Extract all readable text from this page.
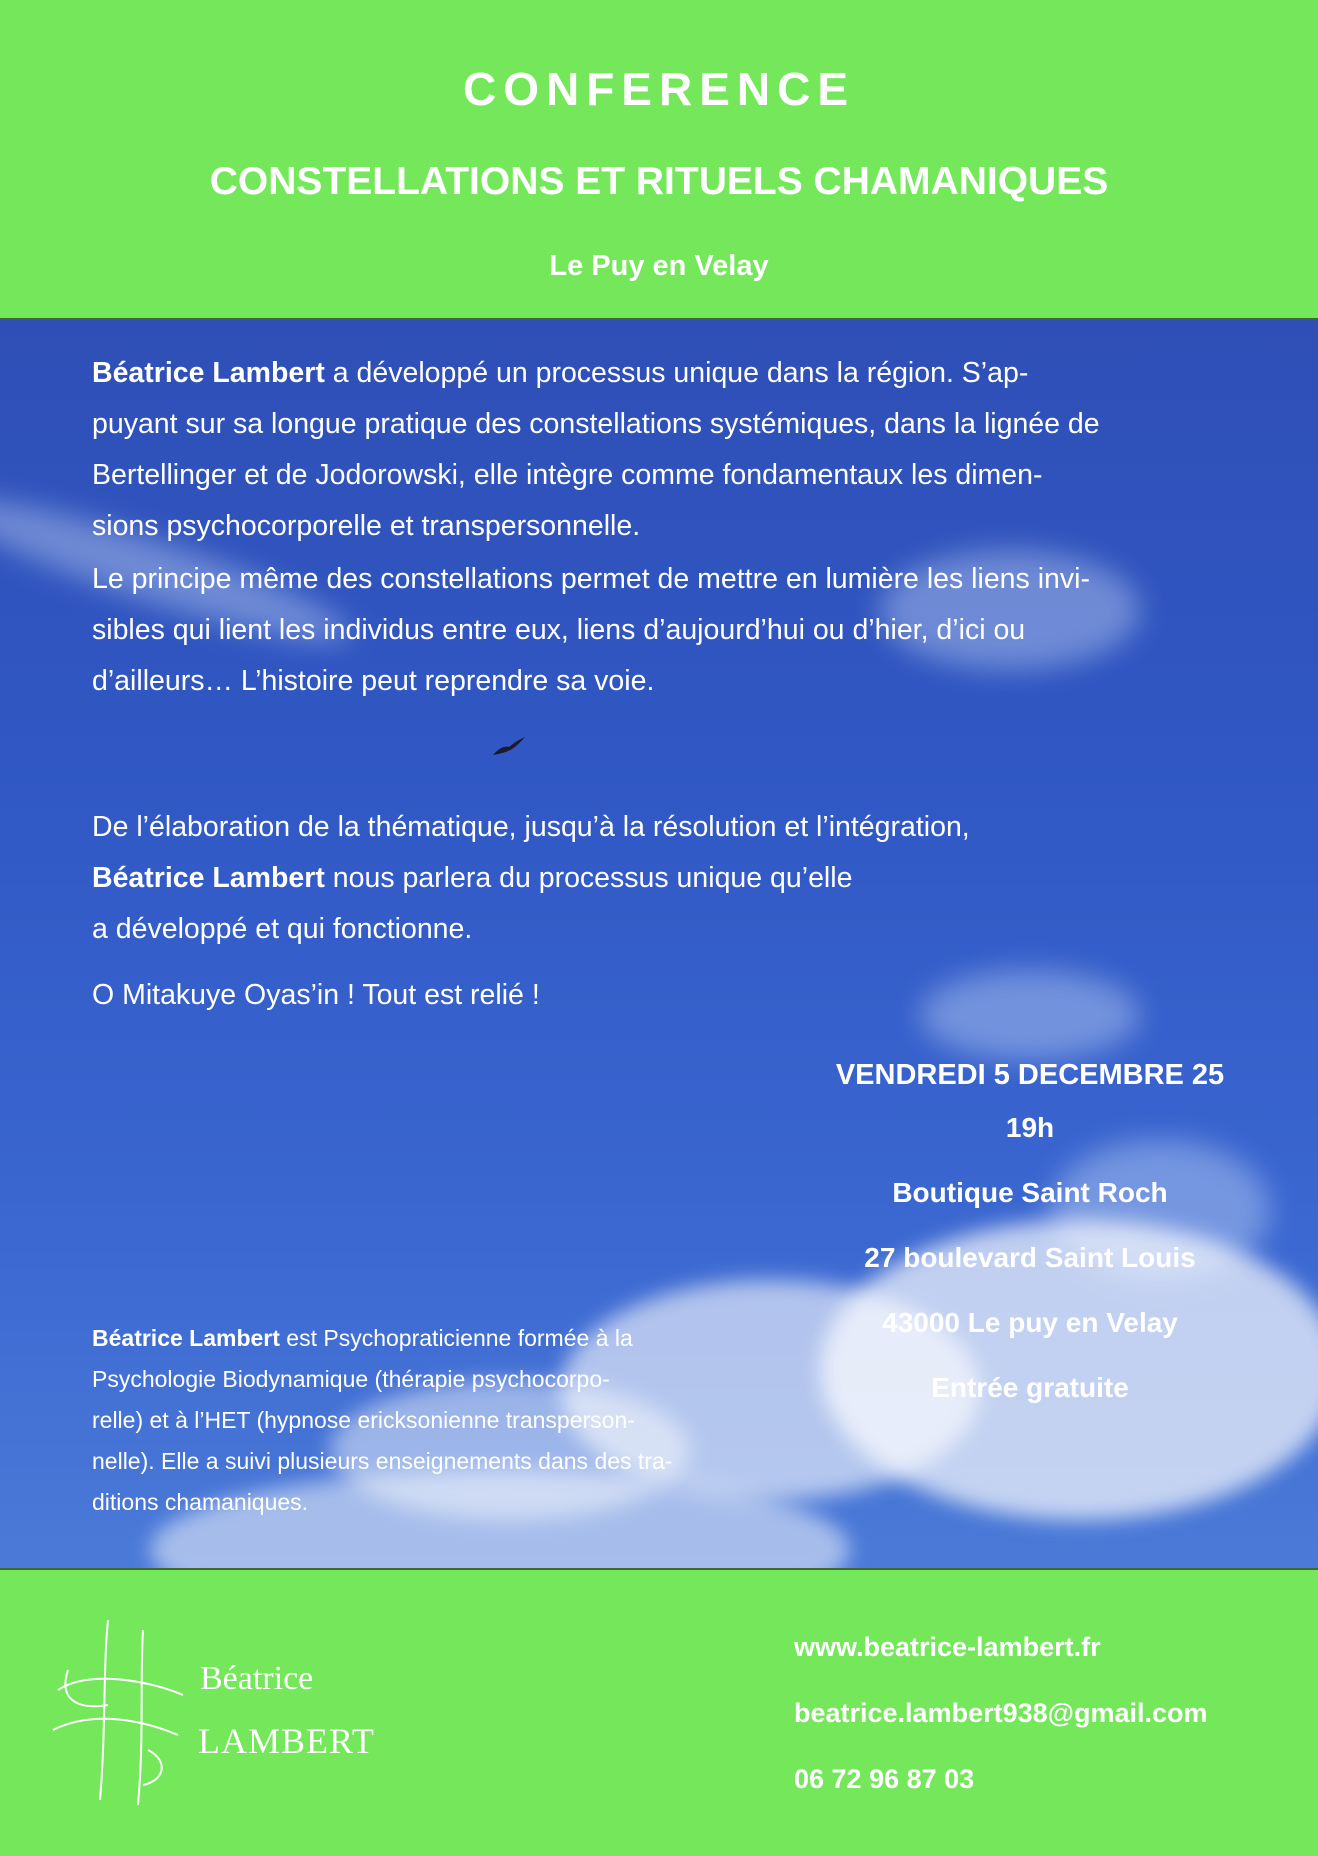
CONFERENCE
CONSTELLATIONS ET RITUELS CHAMANIQUES
Le Puy en Velay
Béatrice Lambert a développé un processus unique dans la région. S’ap-
puyant sur sa longue pratique des constellations systémiques, dans la lignée de
Bertellinger et de Jodorowski, elle intègre comme fondamentaux les dimen-
sions psychocorporelle et transpersonnelle.
Le principe même des constellations permet de mettre en lumière les liens invi-
sibles qui lient les individus entre eux, liens d’aujourd’hui ou d’hier, d’ici ou
d’ailleurs… L’histoire peut reprendre sa voie.
De l’élaboration de la thématique, jusqu’à la résolution et l’intégration,
Béatrice Lambert nous parlera du processus unique qu’elle
a développé et qui fonctionne.
O Mitakuye Oyas’in ! Tout est relié !
VENDREDI 5 DECEMBRE 25
19h
Boutique Saint Roch
27 boulevard Saint Louis
43000 Le puy en Velay
Entrée gratuite
Béatrice Lambert est Psychopraticienne formée à la
Psychologie Biodynamique (thérapie psychocorpo-
relle) et à l’HET (hypnose ericksonienne transperson-
nelle). Elle a suivi plusieurs enseignements dans des tra-
ditions chamaniques.
Béatrice
LAMBERT
www.beatrice-lambert.fr
beatrice.lambert938@gmail.com
06 72 96 87 03
